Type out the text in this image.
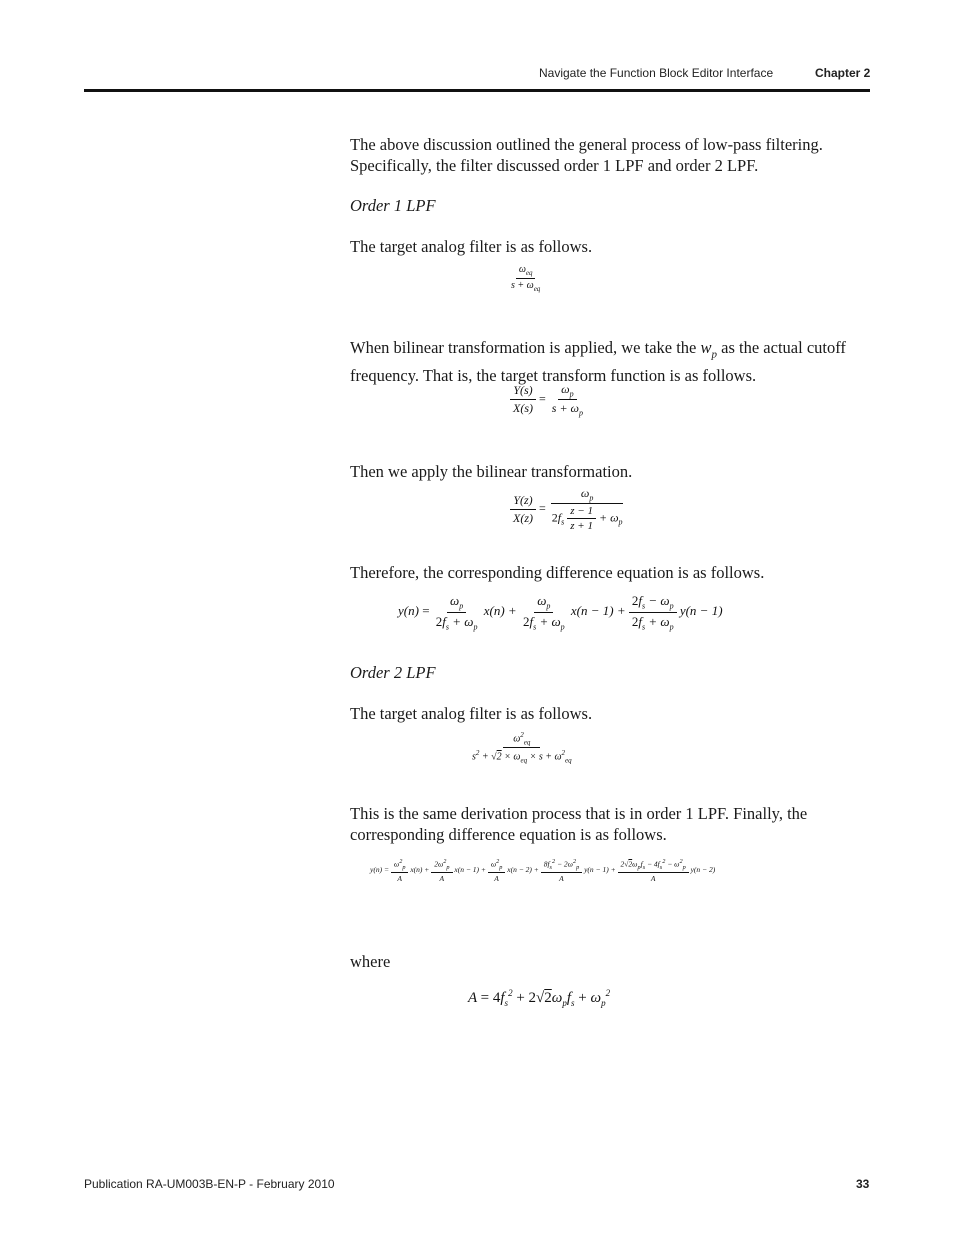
Navigate the Function Block Editor Interface	Chapter 2

The above discussion outlined the general process of low-pass filtering. Specifically, the filter discussed order 1 LPF and order 2 LPF.

Order 1 LPF

The target analog filter is as follows.

$\frac{\omega_{eq}}{s + \omega_{eq}}$

When bilinear transformation is applied, we take the $w_p$ as the actual cutoff frequency. That is, the target transform function is as follows.

$\frac{Y(s)}{X(s)} = \frac{\omega_p}{s + \omega_p}$

Then we apply the bilinear transformation.

$\frac{Y(z)}{X(z)} = \frac{\omega_p}{2f_s \frac{z - 1}{z + 1} + \omega_p}$

Therefore, the corresponding difference equation is as follows.

$y(n) = \frac{\omega_p}{2f_s + \omega_p} x(n) + \frac{\omega_p}{2f_s + \omega_p} x(n - 1) + \frac{2f_s - \omega_p}{2f_s + \omega_p} y(n - 1)$

Order 2 LPF

The target analog filter is as follows.

$\frac{\omega^2_{eq}}{s^2 + √2 \times \omega_{eq} \times s + \omega^2_{eq}}$

This is the same derivation process that is in order 1 LPF. Finally, the corresponding difference equation is as follows.

$y(n) = \frac{\omega^2_p}{A} x(n) + \frac{2\omega^2_p}{A} x(n - 1) + \frac{\omega^2_p}{A} x(n - 2) + \frac{8f_s^2 - 2\omega^2_p}{A} y(n - 1) + \frac{2√2\omega_pf_s - 4f_s^2 - \omega^2_p}{A} y(n - 2)$

where

$A = 4f_s^2 + 2√2\omega_pf_s + \omega_p^2$
Publication RA-UM003B-EN-P - February 2010	33
